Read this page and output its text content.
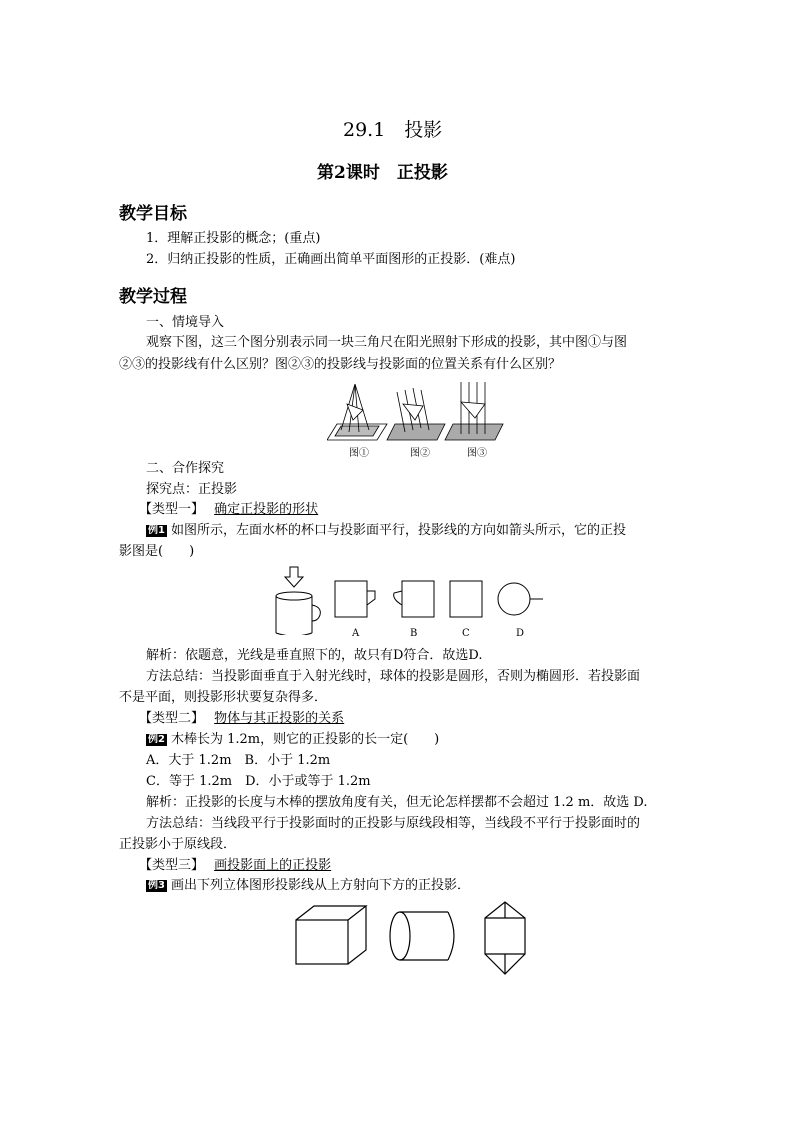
29.1　投影
第2课时　正投影
教学目标
1．理解正投影的概念；(重点)
2．归纳正投影的性质，正确画出简单平面图形的正投影．(难点)
教学过程
一、情境导入
观察下图，这三个图分别表示同一块三角尺在阳光照射下形成的投影，其中图①与图
②③的投影线有什么区别？图②③的投影线与投影面的位置关系有什么区别？
图①	图②	图③
二、合作探究
探究点：正投影
【类型一】 确定正投影的形状
例1 如图所示，左面水杯的杯口与投影面平行，投影线的方向如箭头所示，它的正投
影图是(　　)
A	B	C	D
解析：依题意，光线是垂直照下的，故只有D符合．故选D.
方法总结：当投影面垂直于入射光线时，球体的投影是圆形，否则为椭圆形．若投影面
不是平面，则投影形状要复杂得多．
【类型二】 物体与其正投影的关系
例2 木棒长为 1.2m，则它的正投影的长一定(　　)
A．大于 1.2m　B．小于 1.2m
C．等于 1.2m　D．小于或等于 1.2m
解析：正投影的长度与木棒的摆放角度有关，但无论怎样摆都不会超过 1.2 m．故选 D.
方法总结：当线段平行于投影面时的正投影与原线段相等，当线段不平行于投影面时的
正投影小于原线段．
【类型三】 画投影面上的正投影
例3 画出下列立体图形投影线从上方射向下方的正投影．
